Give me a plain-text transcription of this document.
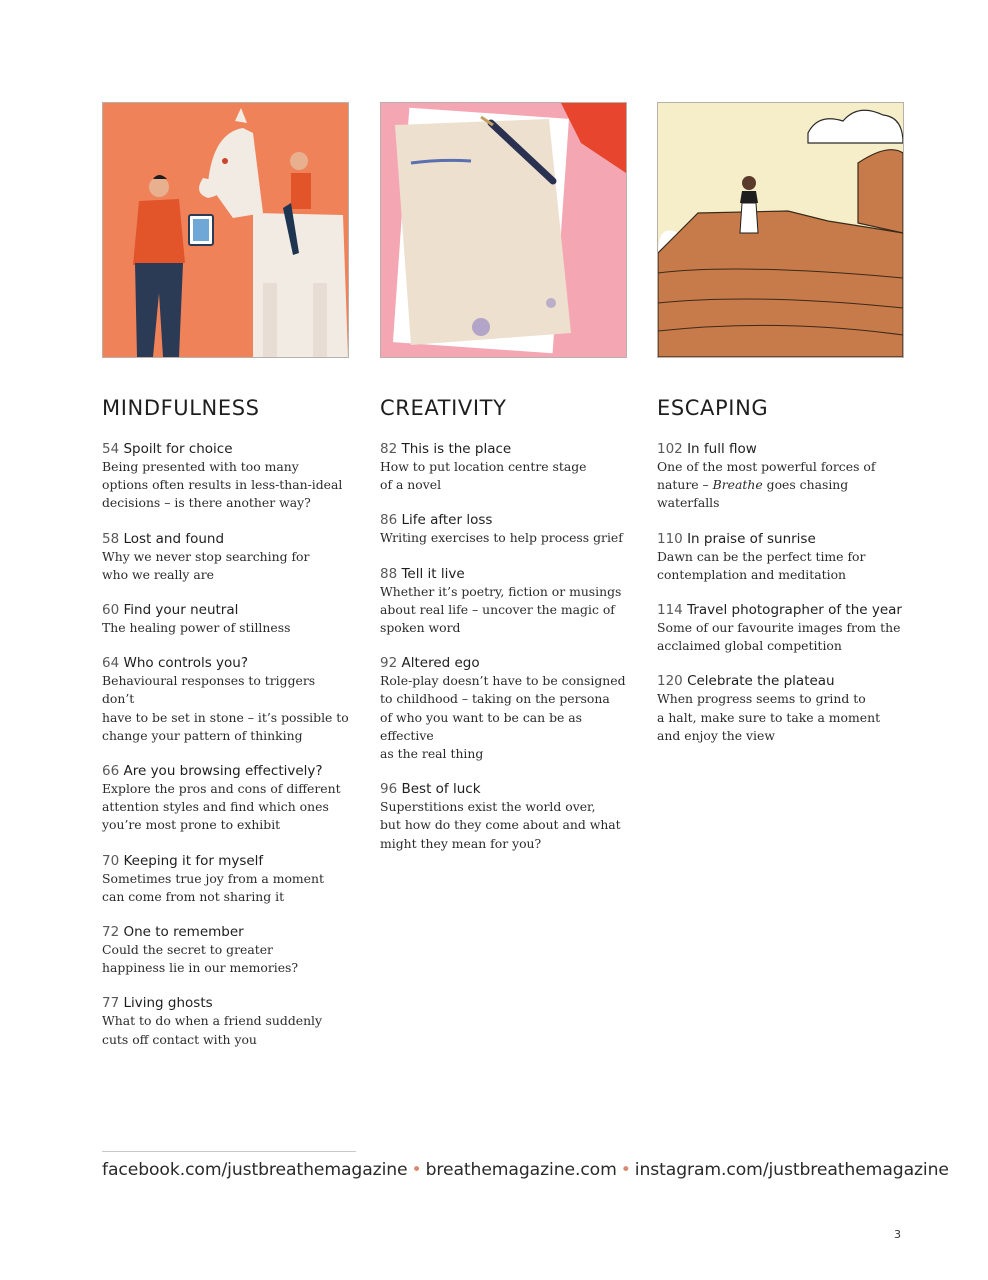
MINDFULNESS
54 Spoilt for choice
Being presented with too many
options often results in less-than-ideal
decisions – is there another way?
58 Lost and found
Why we never stop searching for
who we really are
60 Find your neutral
The healing power of stillness
64 Who controls you?
Behavioural responses to triggers don’t
have to be set in stone – it’s possible to
change your pattern of thinking
66 Are you browsing effectively?
Explore the pros and cons of different
attention styles and find which ones
you’re most prone to exhibit
70 Keeping it for myself
Sometimes true joy from a moment
can come from not sharing it
72 One to remember
Could the secret to greater
happiness lie in our memories?
77 Living ghosts
What to do when a friend suddenly
cuts off contact with you
CREATIVITY
82 This is the place
How to put location centre stage
of a novel
86 Life after loss
Writing exercises to help process grief
88 Tell it live
Whether it’s poetry, fiction or musings
about real life – uncover the magic of
spoken word
92 Altered ego
Role-play doesn’t have to be consigned
to childhood – taking on the persona
of who you want to be can be as effective
as the real thing
96 Best of luck
Superstitions exist the world over,
but how do they come about and what
might they mean for you?
ESCAPING
102 In full flow
One of the most powerful forces of
nature – Breathe goes chasing waterfalls
110 In praise of sunrise
Dawn can be the perfect time for
contemplation and meditation
114 Travel photographer of the year
Some of our favourite images from the
acclaimed global competition
120 Celebrate the plateau
When progress seems to grind to
a halt, make sure to take a moment
and enjoy the view
facebook.com/justbreathemagazine • breathemagazine.com • instagram.com/justbreathemagazine
3
